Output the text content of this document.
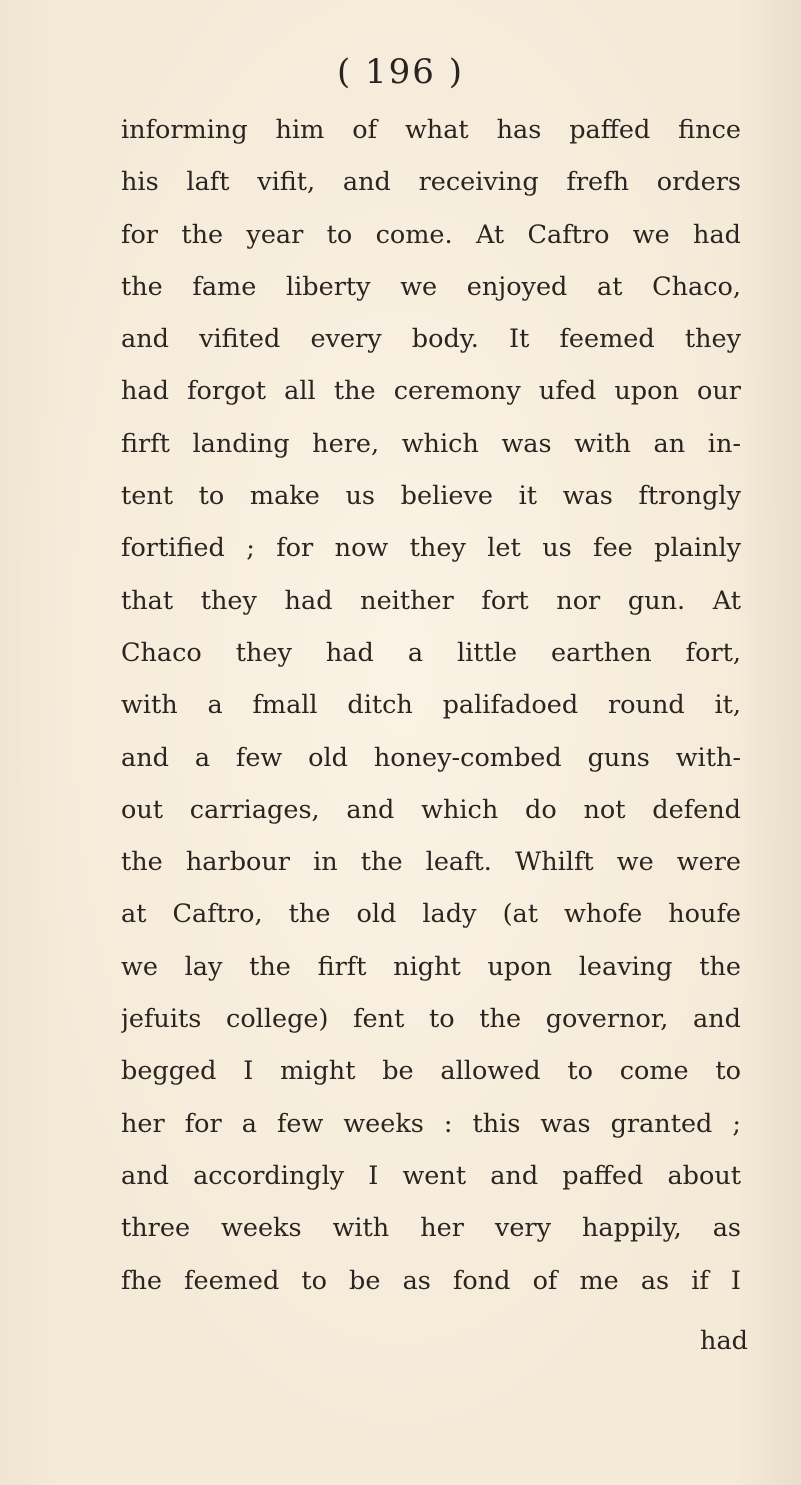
( 196 )
informing him of what has paffed fince
his laft vifit, and receiving frefh orders
for the year to come. At Caftro we had
the fame liberty we enjoyed at Chaco,
and vifited every body. It feemed they
had forgot all the ceremony ufed upon our
firft landing here, which was with an in-
tent to make us believe it was ftrongly
fortified ; for now they let us fee plainly
that they had neither fort nor gun. At
Chaco they had a little earthen fort,
with a fmall ditch palifadoed round it,
and a few old honey-combed guns with-
out carriages, and which do not defend
the harbour in the leaft. Whilft we were
at Caftro, the old lady (at whofe houfe
we lay the firft night upon leaving the
jefuits college) fent to the governor, and
begged I might be allowed to come to
her for a few weeks : this was granted ;
and accordingly I went and paffed about
three weeks with her very happily, as
fhe feemed to be as fond of me as if I
had
